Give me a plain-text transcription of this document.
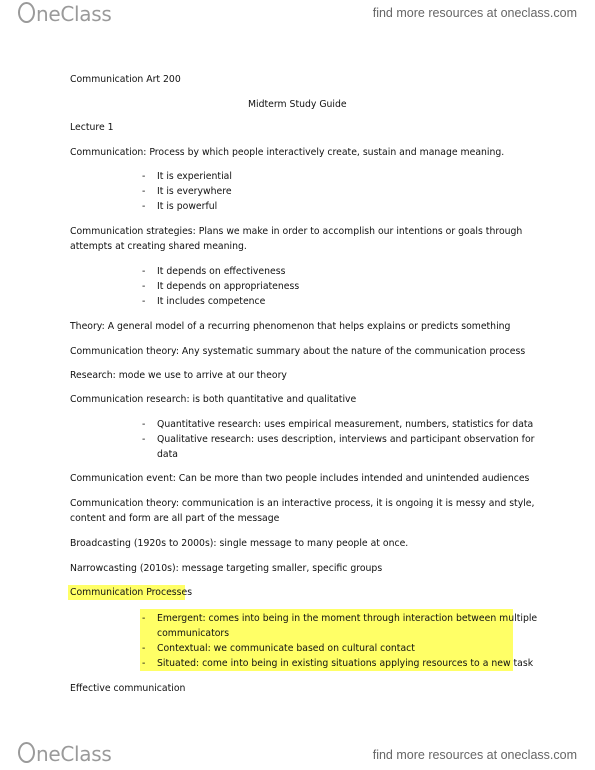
neClass	find more resources at oneclass.com
Communication Art 200
Midterm Study Guide
Lecture 1
Communication: Process by which people interactively create, sustain and manage meaning.
- It is experiential
- It is everywhere
- It is powerful
Communication strategies: Plans we make in order to accomplish our intentions or goals through
attempts at creating shared meaning.
- It depends on effectiveness
- It depends on appropriateness
- It includes competence
Theory: A general model of a recurring phenomenon that helps explains or predicts something
Communication theory: Any systematic summary about the nature of the communication process
Research: mode we use to arrive at our theory
Communication research: is both quantitative and qualitative
- Quantitative research: uses empirical measurement, numbers, statistics for data
- Qualitative research: uses description, interviews and participant observation for
data
Communication event: Can be more than two people includes intended and unintended audiences
Communication theory: communication is an interactive process, it is ongoing it is messy and style,
content and form are all part of the message
Broadcasting (1920s to 2000s): single message to many people at once.
Narrowcasting (2010s): message targeting smaller, specific groups
Communication Processes
- Emergent: comes into being in the moment through interaction between multiple
communicators
- Contextual: we communicate based on cultural contact
- Situated: come into being in existing situations applying resources to a new task
Effective communication
neClass	find more resources at oneclass.com
